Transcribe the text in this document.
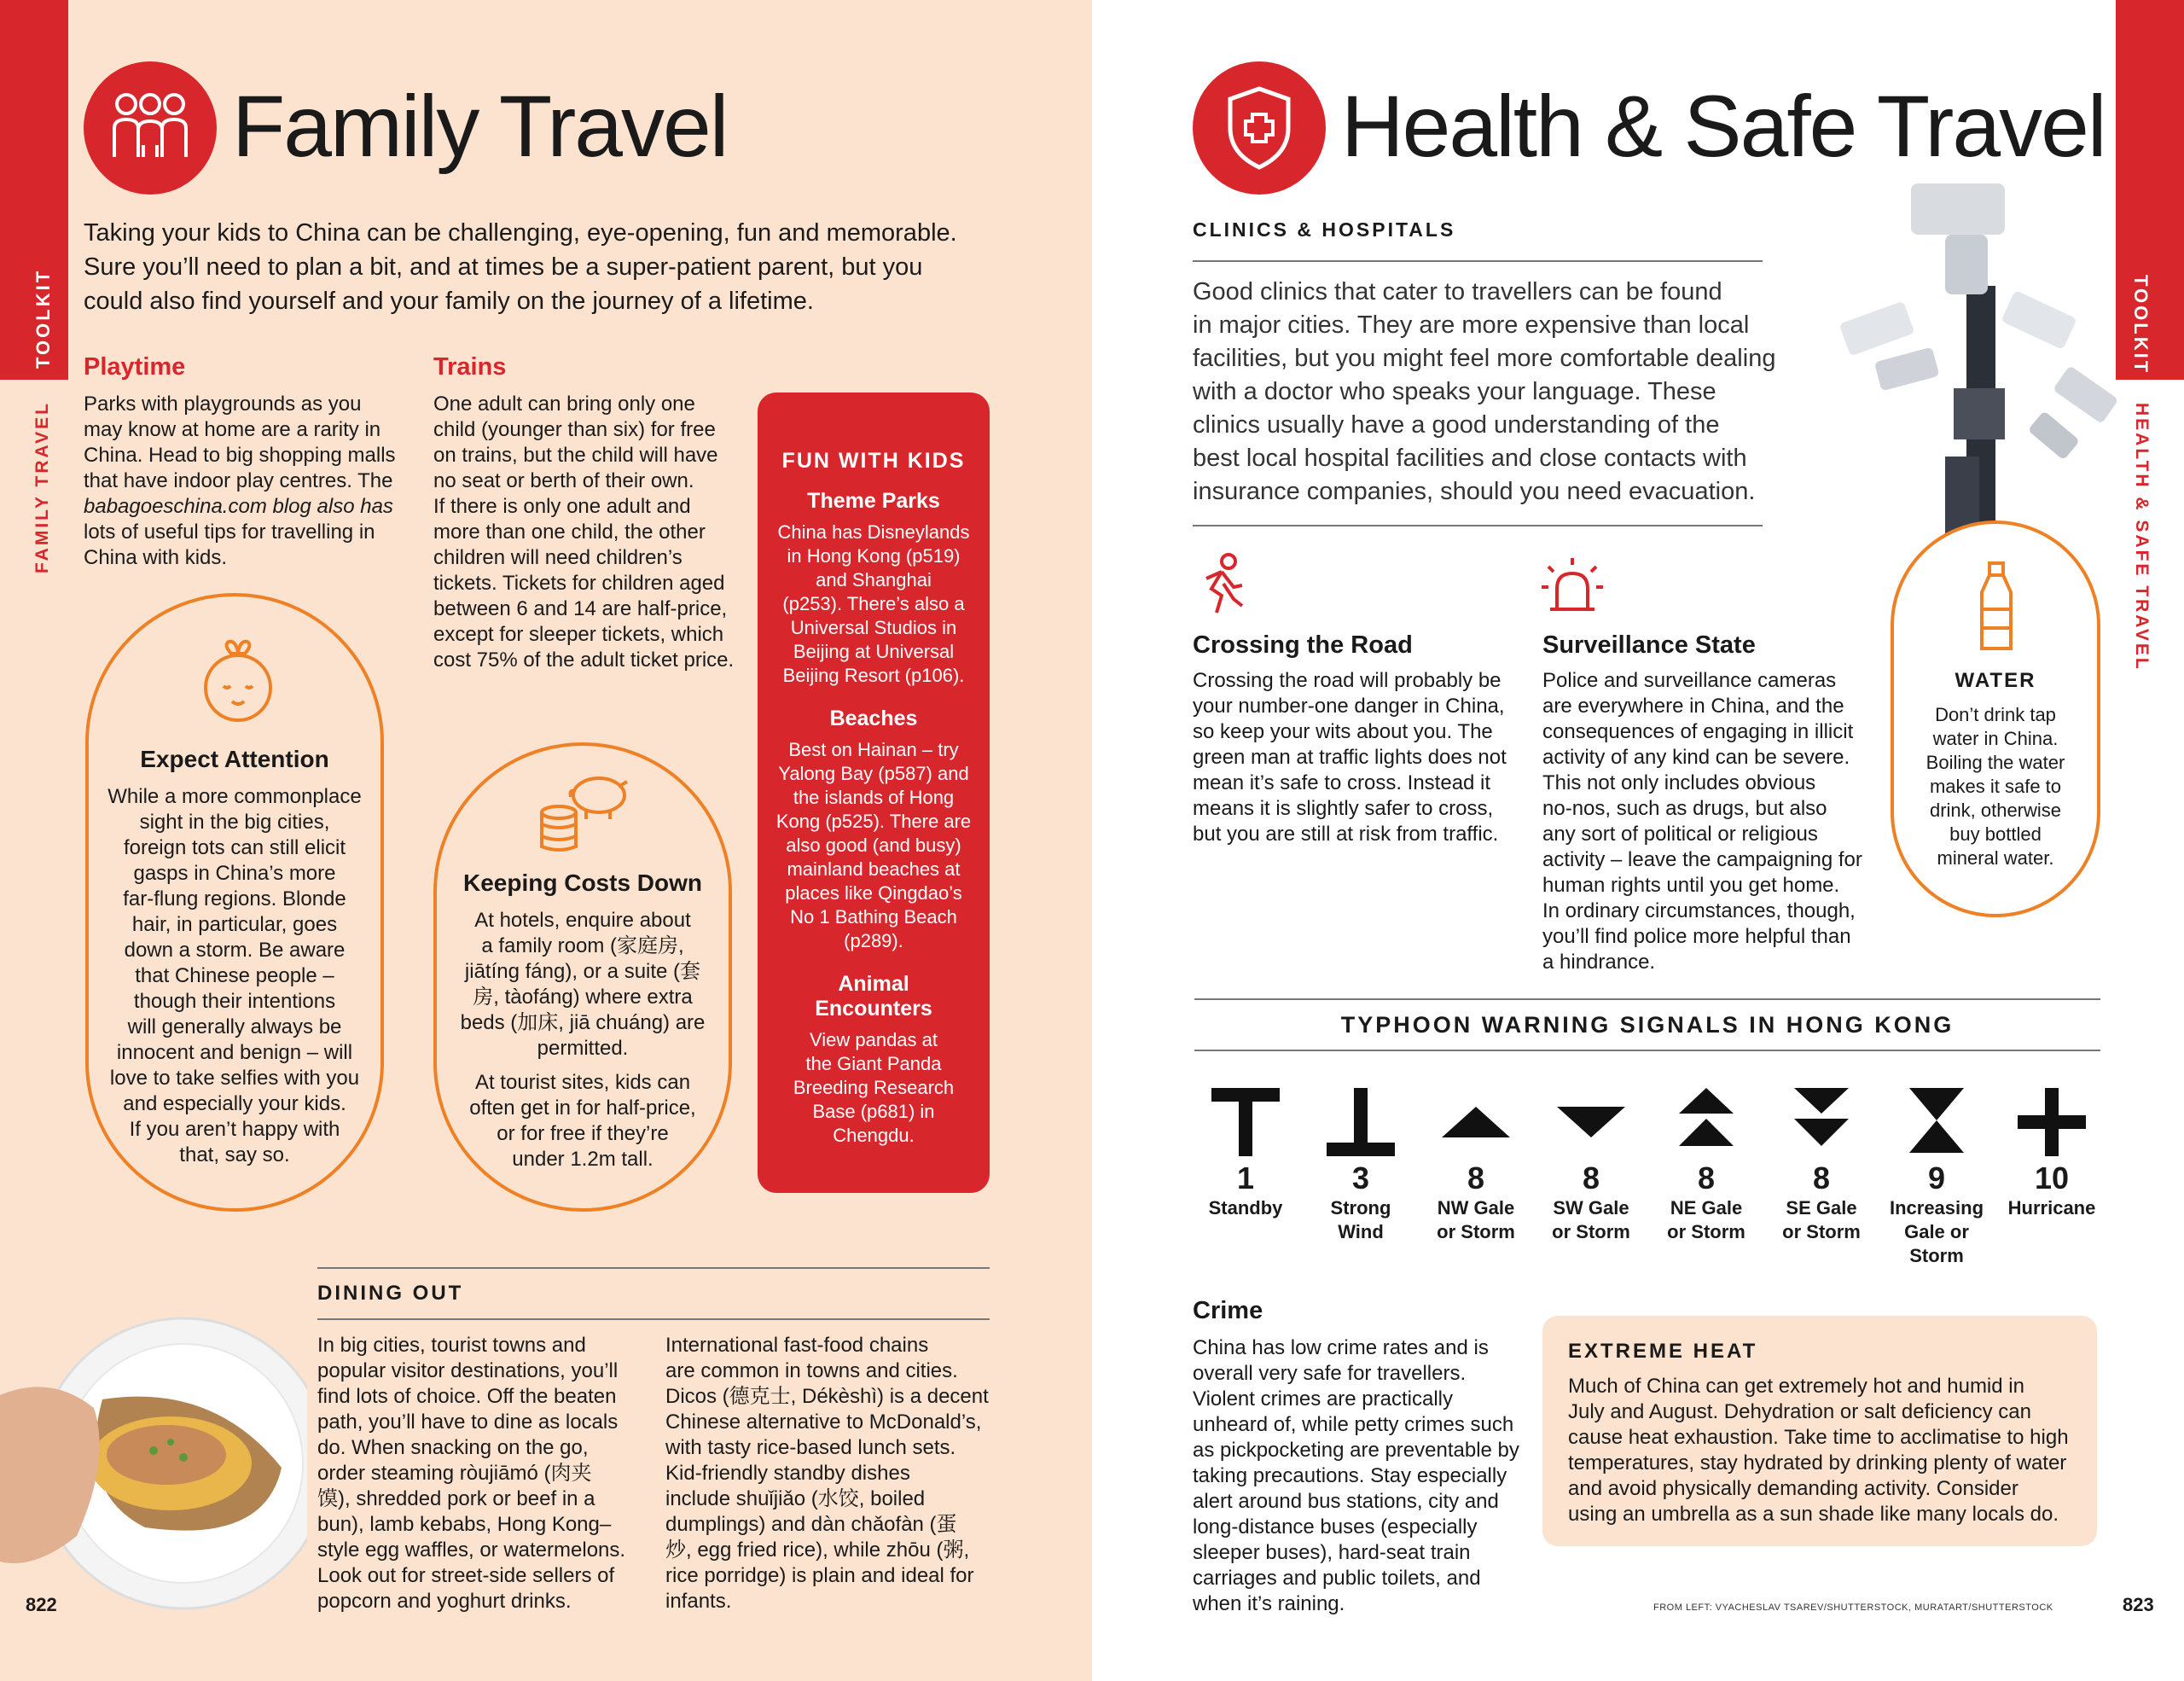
TOOLKIT
FAMILY TRAVEL
Family Travel
Taking your kids to China can be challenging, eye-opening, fun and memorable.
Sure you’ll need to plan a bit, and at times be a super-patient parent, but you
could also find yourself and your family on the journey of a lifetime.
Playtime
Parks with playgrounds as you
may know at home are a rarity in
China. Head to big shopping malls
that have indoor play centres. The
babagoeschina.com blog also has
lots of useful tips for travelling in
China with kids.
Trains
One adult can bring only one
child (younger than six) for free
on trains, but the child will have
no seat or berth of their own.
If there is only one adult and
more than one child, the other
children will need children’s
tickets. Tickets for children aged
between 6 and 14 are half-price,
except for sleeper tickets, which
cost 75% of the adult ticket price.
FUN WITH KIDS
Theme Parks
China has Disneylands
in Hong Kong (p519)
and Shanghai
(p253). There’s also a
Universal Studios in
Beijing at Universal
Beijing Resort (p106).
Beaches
Best on Hainan – try
Yalong Bay (p587) and
the islands of Hong
Kong (p525). There are
also good (and busy)
mainland beaches at
places like Qingdao’s
No 1 Bathing Beach
(p289).
Animal
Encounters
View pandas at
the Giant Panda
Breeding Research
Base (p681) in
Chengdu.
Expect Attention
While a more commonplace
sight in the big cities,
foreign tots can still elicit
gasps in China’s more
far-flung regions. Blonde
hair, in particular, goes
down a storm. Be aware
that Chinese people –
though their intentions
will generally always be
innocent and benign – will
love to take selfies with you
and especially your kids.
If you aren’t happy with
that, say so.
Keeping Costs Down
At hotels, enquire about
a family room (家庭房,
jiātíng fáng), or a suite (套
房, tàofáng) where extra
beds (加床, jiā chuáng) are
permitted.
At tourist sites, kids can
often get in for half-price,
or for free if they’re
under 1.2m tall.
DINING OUT
In big cities, tourist towns and
popular visitor destinations, you’ll
find lots of choice. Off the beaten
path, you’ll have to dine as locals
do. When snacking on the go,
order steaming ròujiāmó (肉夹
馍), shredded pork or beef in a
bun), lamb kebabs, Hong Kong–
style egg waffles, or watermelons.
Look out for street-side sellers of
popcorn and yoghurt drinks.
International fast-food chains
are common in towns and cities.
Dicos (德克士, Dékèshì) is a decent
Chinese alternative to McDonald’s,
with tasty rice-based lunch sets.
Kid-friendly standby dishes
include shuǐjiǎo (水饺, boiled
dumplings) and dàn chǎofàn (蛋
炒, egg fried rice), while zhōu (粥,
rice porridge) is plain and ideal for
infants.
822
TOOLKIT
HEALTH & SAFE TRAVEL
Health & Safe Travel
CLINICS & HOSPITALS
Good clinics that cater to travellers can be found
in major cities. They are more expensive than local
facilities, but you might feel more comfortable dealing
with a doctor who speaks your language. These
clinics usually have a good understanding of the
best local hospital facilities and close contacts with
insurance companies, should you need evacuation.
WATER
Don’t drink tap
water in China.
Boiling the water
makes it safe to
drink, otherwise
buy bottled
mineral water.
Crossing the Road
Crossing the road will probably be
your number-one danger in China,
so keep your wits about you. The
green man at traffic lights does not
mean it’s safe to cross. Instead it
means it is slightly safer to cross,
but you are still at risk from traffic.
Surveillance State
Police and surveillance cameras
are everywhere in China, and the
consequences of engaging in illicit
activity of any kind can be severe.
This not only includes obvious
no-nos, such as drugs, but also
any sort of political or religious
activity – leave the campaigning for
human rights until you get home.
In ordinary circumstances, though,
you’ll find police more helpful than
a hindrance.
TYPHOON WARNING SIGNALS IN HONG KONG
1
Standby
3
Strong
Wind
8
NW Gale
or Storm
8
SW Gale
or Storm
8
NE Gale
or Storm
8
SE Gale
or Storm
9
Increasing
Gale or
Storm
10
Hurricane
Crime
China has low crime rates and is
overall very safe for travellers.
Violent crimes are practically
unheard of, while petty crimes such
as pickpocketing are preventable by
taking precautions. Stay especially
alert around bus stations, city and
long-distance buses (especially
sleeper buses), hard-seat train
carriages and public toilets, and
when it’s raining.
EXTREME HEAT
Much of China can get extremely hot and humid in
July and August. Dehydration or salt deficiency can
cause heat exhaustion. Take time to acclimatise to high
temperatures, stay hydrated by drinking plenty of water
and avoid physically demanding activity. Consider
using an umbrella as a sun shade like many locals do.
FROM LEFT: VYACHESLAV TSAREV/SHUTTERSTOCK, MURATART/SHUTTERSTOCK	823
